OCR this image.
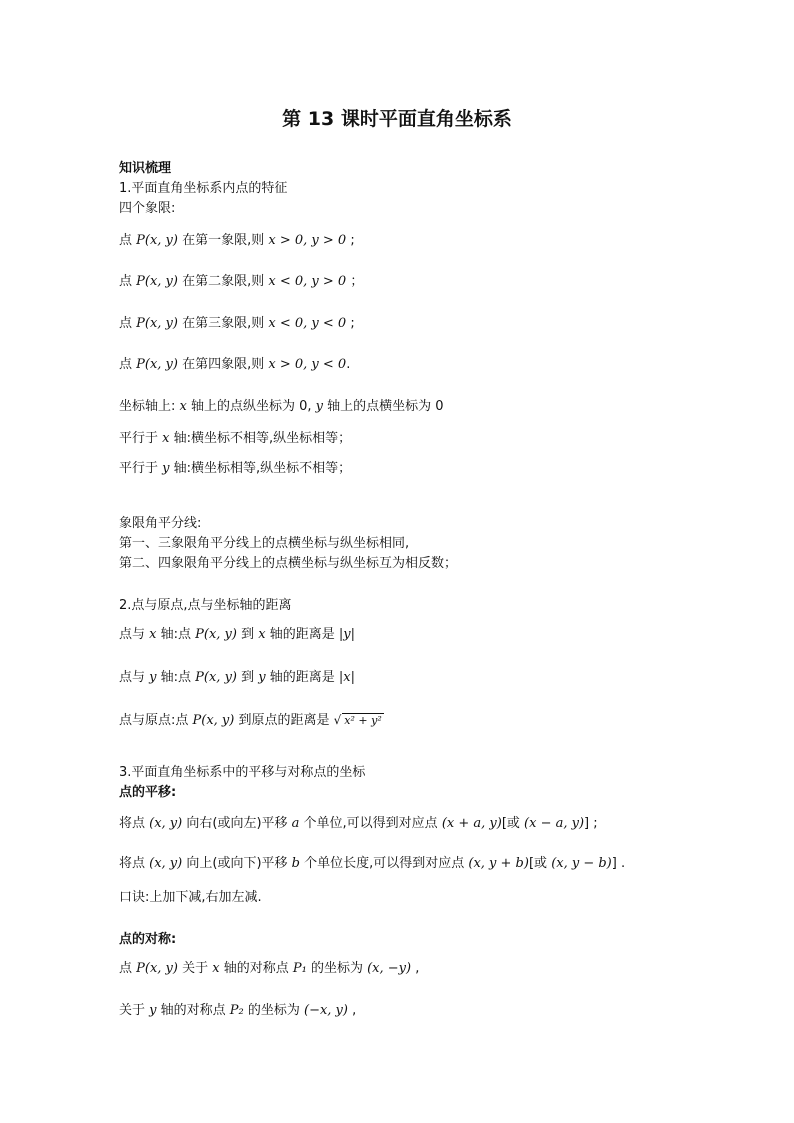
第 13 课时平面直角坐标系
知识梳理
1.平面直角坐标系内点的特征
四个象限:
点 P(x, y) 在第一象限,则 x > 0, y > 0 ;
点 P(x, y) 在第二象限,则 x < 0, y > 0 ；
点 P(x, y) 在第三象限,则 x < 0, y < 0 ;
点 P(x, y) 在第四象限,则 x > 0, y < 0.
坐标轴上: x 轴上的点纵坐标为 0, y 轴上的点横坐标为 0
平行于 x 轴:横坐标不相等,纵坐标相等；
平行于 y 轴:横坐标相等,纵坐标不相等；
象限角平分线:
第一、三象限角平分线上的点横坐标与纵坐标相同,
第二、四象限角平分线上的点横坐标与纵坐标互为相反数；
2.点与原点,点与坐标轴的距离
点与 x 轴:点 P(x, y) 到 x 轴的距离是 |y|
点与 y 轴:点 P(x, y) 到 y 轴的距离是 |x|
点与原点:点 P(x, y) 到原点的距离是 √ x² + y²
3.平面直角坐标系中的平移与对称点的坐标
点的平移:
将点 (x, y) 向右(或向左)平移 a 个单位,可以得到对应点 (x + a, y)[或 (x − a, y)] ;
将点 (x, y) 向上(或向下)平移 b 个单位长度,可以得到对应点 (x, y + b)[或 (x, y − b)] .
口诀:上加下减,右加左减.
点的对称:
点 P(x, y) 关于 x 轴的对称点 P₁ 的坐标为 (x, −y) ,
关于 y 轴的对称点 P₂ 的坐标为 (−x, y) ,
